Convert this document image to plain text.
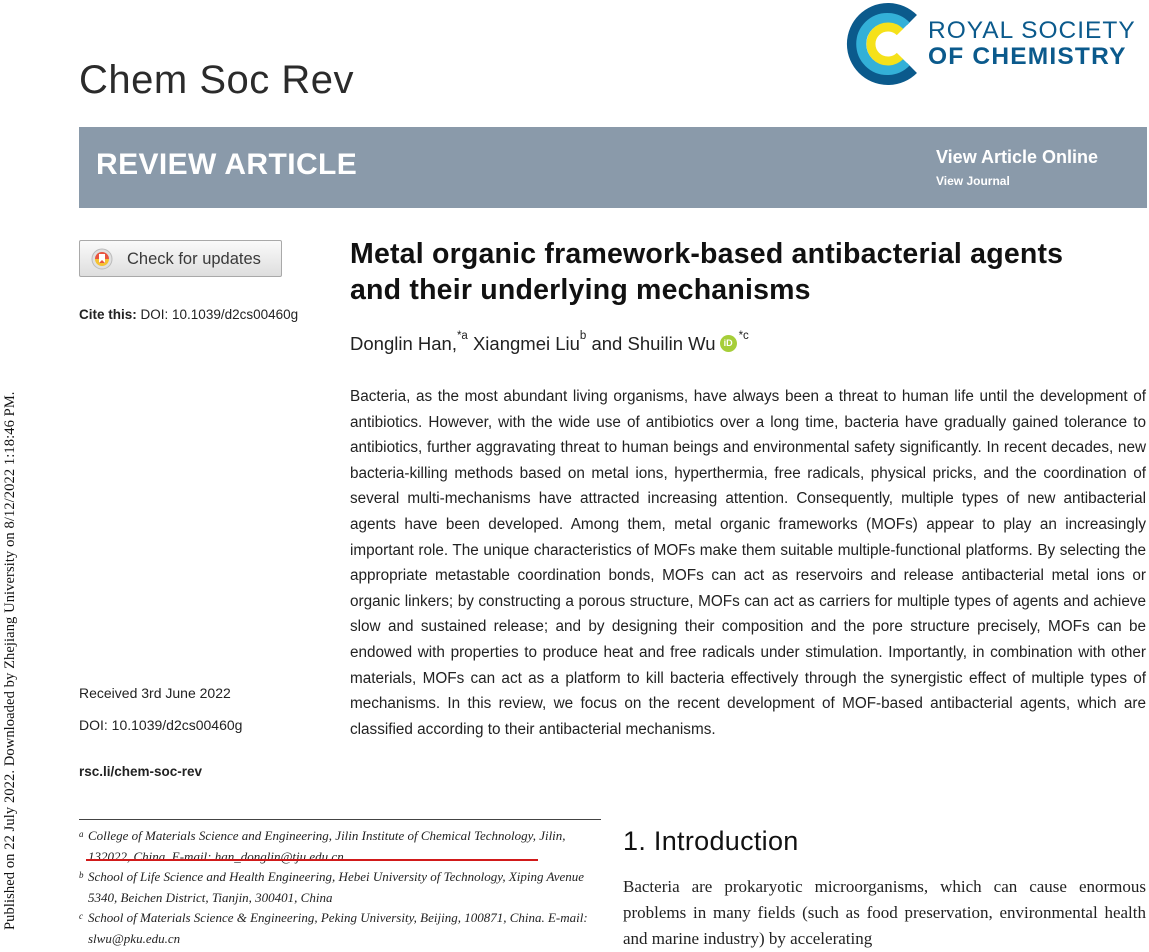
Published on 22 July 2022. Downloaded by Zhejiang University on 8/12/2022 1:18:46 PM.
Chem Soc Rev
ROYAL SOCIETY
OF CHEMISTRY
REVIEW ARTICLE	View Article Online
View Journal
Check for updates
Cite this: DOI: 10.1039/d2cs00460g
Metal organic framework-based antibacterial agents and their underlying mechanisms
Donglin Han,$^{*a}$ Xiangmei Liu$^b$ and Shuilin Wu $iD^{*c}$

Bacteria, as the most abundant living organisms, have always been a threat to human life until the development of antibiotics. However, with the wide use of antibiotics over a long time, bacteria have gradually gained tolerance to antibiotics, further aggravating threat to human beings and environmental safety significantly. In recent decades, new bacteria-killing methods based on metal ions, hyperthermia, free radicals, physical pricks, and the coordination of several multi-mechanisms have attracted increasing attention. Consequently, multiple types of new antibacterial agents have been developed. Among them, metal organic frameworks (MOFs) appear to play an increasingly important role. The unique characteristics of MOFs make them suitable multiple-functional platforms. By selecting the appropriate metastable coordination bonds, MOFs can act as reservoirs and release antibacterial metal ions or organic linkers; by constructing a porous structure, MOFs can act as carriers for multiple types of agents and achieve slow and sustained release; and by designing their composition and the pore structure precisely, MOFs can be endowed with properties to produce heat and free radicals under stimulation. Importantly, in combination with other materials, MOFs can act as a platform to kill bacteria effectively through the synergistic effect of multiple types of mechanisms. In this review, we focus on the recent development of MOF-based antibacterial agents, which are classified according to their antibacterial mechanisms.

Received 3rd June 2022
DOI: 10.1039/d2cs00460g
rsc.li/chem-soc-rev
a College of Materials Science and Engineering, Jilin Institute of Chemical Technology, Jilin, 132022, China. E-mail: han_donglin@tju.edu.cn
b School of Life Science and Health Engineering, Hebei University of Technology, Xiping Avenue 5340, Beichen District, Tianjin, 300401, China
c School of Materials Science & Engineering, Peking University, Beijing, 100871, China. E-mail: slwu@pku.edu.cn
1. Introduction

Bacteria are prokaryotic microorganisms, which can cause enormous problems in many fields (such as food preservation, environmental health and marine industry) by accelerating
